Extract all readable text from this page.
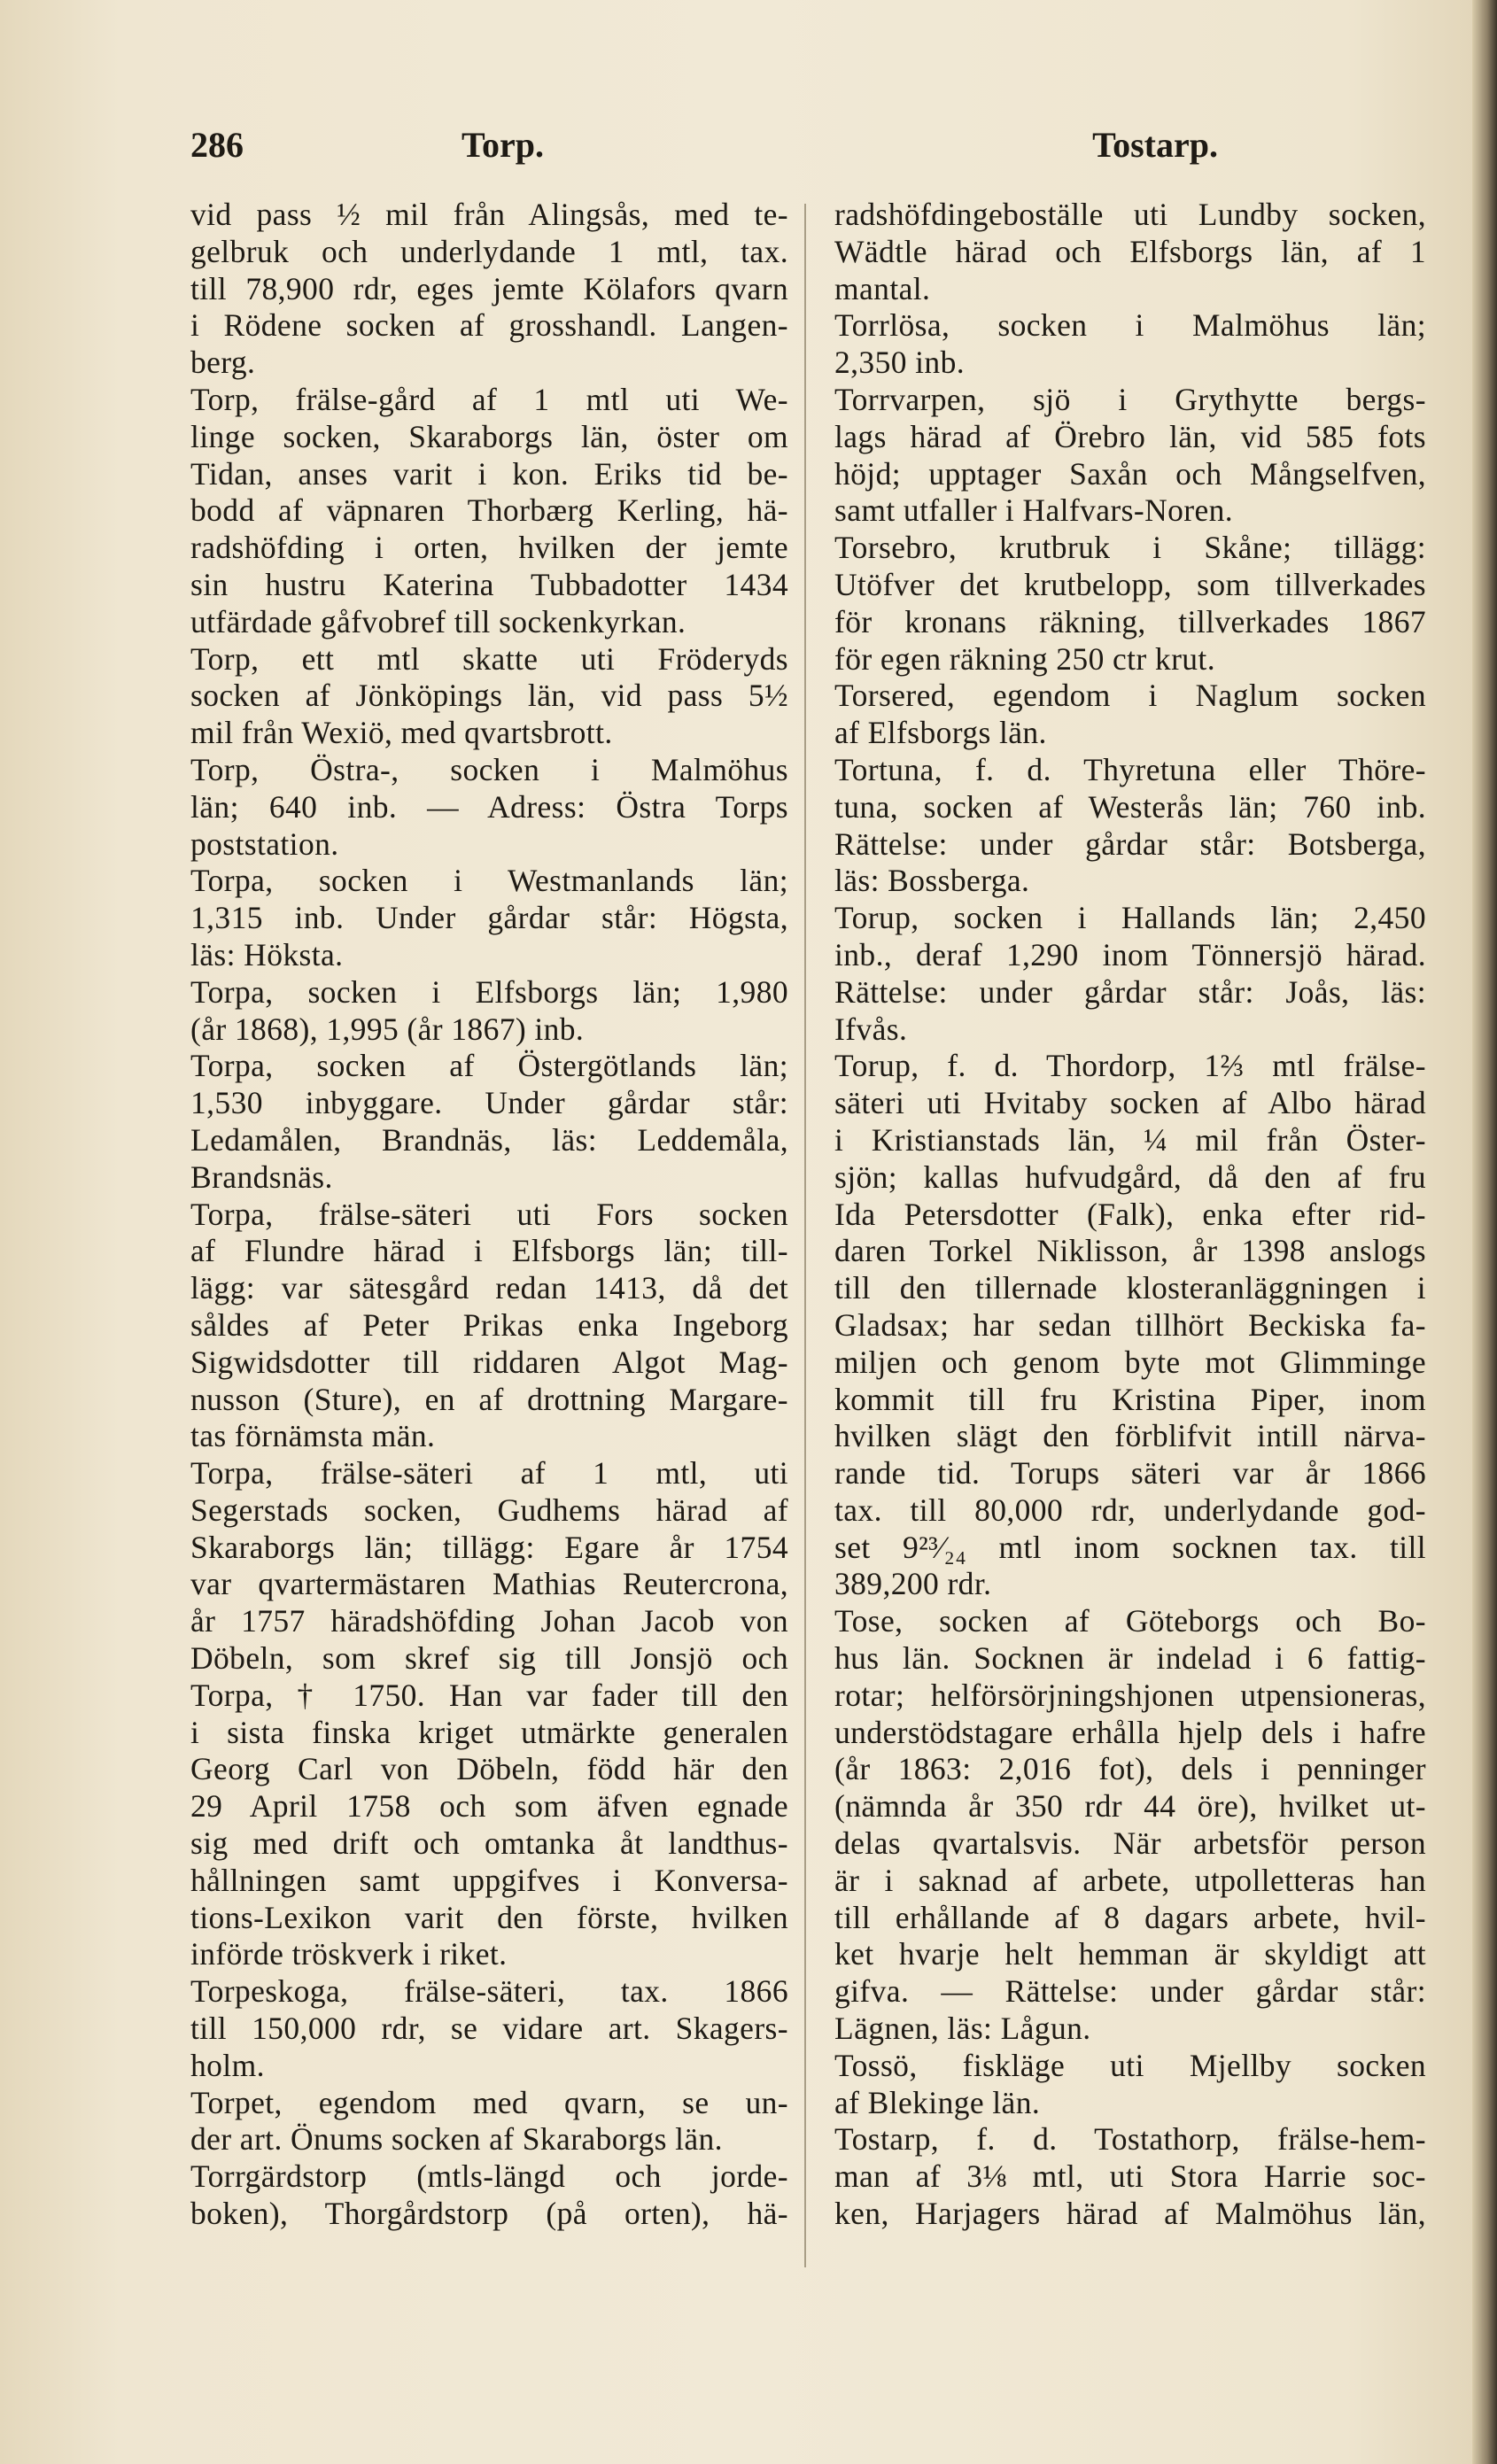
286	Torp.	Tostarp.
vid pass ½ mil från Alingsås, med te-
gelbruk och underlydande 1 mtl, tax.
till 78,900 rdr, eges jemte Kölafors qvarn
i Rödene socken af grosshandl. Langen-
berg.
Torp, frälse-gård af 1 mtl uti We-
linge socken, Skaraborgs län, öster om
Tidan, anses varit i kon. Eriks tid be-
bodd af väpnaren Thorbærg Kerling, hä-
radshöfding i orten, hvilken der jemte
sin hustru Katerina Tubbadotter 1434
utfärdade gåfvobref till sockenkyrkan.
Torp, ett mtl skatte uti Fröderyds
socken af Jönköpings län, vid pass 5½
mil från Wexiö, med qvartsbrott.
Torp, Östra-, socken i Malmöhus
län; 640 inb. — Adress: Östra Torps
poststation.
Torpa, socken i Westmanlands län;
1,315 inb. Under gårdar står: Högsta,
läs: Höksta.
Torpa, socken i Elfsborgs län; 1,980
(år 1868), 1,995 (år 1867) inb.
Torpa, socken af Östergötlands län;
1,530 inbyggare. Under gårdar står:
Ledamålen, Brandnäs, läs: Leddemåla,
Brandsnäs.
Torpa, frälse-säteri uti Fors socken
af Flundre härad i Elfsborgs län; till-
lägg: var sätesgård redan 1413, då det
såldes af Peter Prikas enka Ingeborg
Sigwidsdotter till riddaren Algot Mag-
nusson (Sture), en af drottning Margare-
tas förnämsta män.
Torpa, frälse-säteri af 1 mtl, uti
Segerstads socken, Gudhems härad af
Skaraborgs län; tillägg: Egare år 1754
var qvartermästaren Mathias Reutercrona,
år 1757 häradshöfding Johan Jacob von
Döbeln, som skref sig till Jonsjö och
Torpa, † 1750. Han var fader till den
i sista finska kriget utmärkte generalen
Georg Carl von Döbeln, född här den
29 April 1758 och som äfven egnade
sig med drift och omtanka åt landthus-
hållningen samt uppgifves i Konversa-
tions-Lexikon varit den förste, hvilken
införde tröskverk i riket.
Torpeskoga, frälse-säteri, tax. 1866
till 150,000 rdr, se vidare art. Skagers-
holm.
Torpet, egendom med qvarn, se un-
der art. Önums socken af Skaraborgs län.
Torrgärdstorp (mtls-längd och jorde-
boken), Thorgårdstorp (på orten), hä-
radshöfdingeboställe uti Lundby socken,
Wädtle härad och Elfsborgs län, af 1
mantal.
Torrlösa, socken i Malmöhus län;
2,350 inb.
Torrvarpen, sjö i Grythytte bergs-
lags härad af Örebro län, vid 585 fots
höjd; upptager Saxån och Mångselfven,
samt utfaller i Halfvars-Noren.
Torsebro, krutbruk i Skåne; tillägg:
Utöfver det krutbelopp, som tillverkades
för kronans räkning, tillverkades 1867
för egen räkning 250 ctr krut.
Torsered, egendom i Naglum socken
af Elfsborgs län.
Tortuna, f. d. Thyretuna eller Thöre-
tuna, socken af Westerås län; 760 inb.
Rättelse: under gårdar står: Botsberga,
läs: Bossberga.
Torup, socken i Hallands län; 2,450
inb., deraf 1,290 inom Tönnersjö härad.
Rättelse: under gårdar står: Joås, läs:
Ifvås.
Torup, f. d. Thordorp, 1⅔ mtl frälse-
säteri uti Hvitaby socken af Albo härad
i Kristianstads län, ¼ mil från Öster-
sjön; kallas hufvudgård, då den af fru
Ida Petersdotter (Falk), enka efter rid-
daren Torkel Niklisson, år 1398 anslogs
till den tillernade klosteranläggningen i
Gladsax; har sedan tillhört Beckiska fa-
miljen och genom byte mot Glimminge
kommit till fru Kristina Piper, inom
hvilken slägt den förblifvit intill närva-
rande tid. Torups säteri var år 1866
tax. till 80,000 rdr, underlydande god-
set 9²³⁄₂₄ mtl inom socknen tax. till
389,200 rdr.
Tose, socken af Göteborgs och Bo-
hus län. Socknen är indelad i 6 fattig-
rotar; helförsörjningshjonen utpensioneras,
understödstagare erhålla hjelp dels i hafre
(år 1863: 2,016 fot), dels i penninger
(nämnda år 350 rdr 44 öre), hvilket ut-
delas qvartalsvis. När arbetsför person
är i saknad af arbete, utpolletteras han
till erhållande af 8 dagars arbete, hvil-
ket hvarje helt hemman är skyldigt att
gifva. — Rättelse: under gårdar står:
Lägnen, läs: Lågun.
Tossö, fiskläge uti Mjellby socken
af Blekinge län.
Tostarp, f. d. Tostathorp, frälse-hem-
man af 3⅛ mtl, uti Stora Harrie soc-
ken, Harjagers härad af Malmöhus län,
